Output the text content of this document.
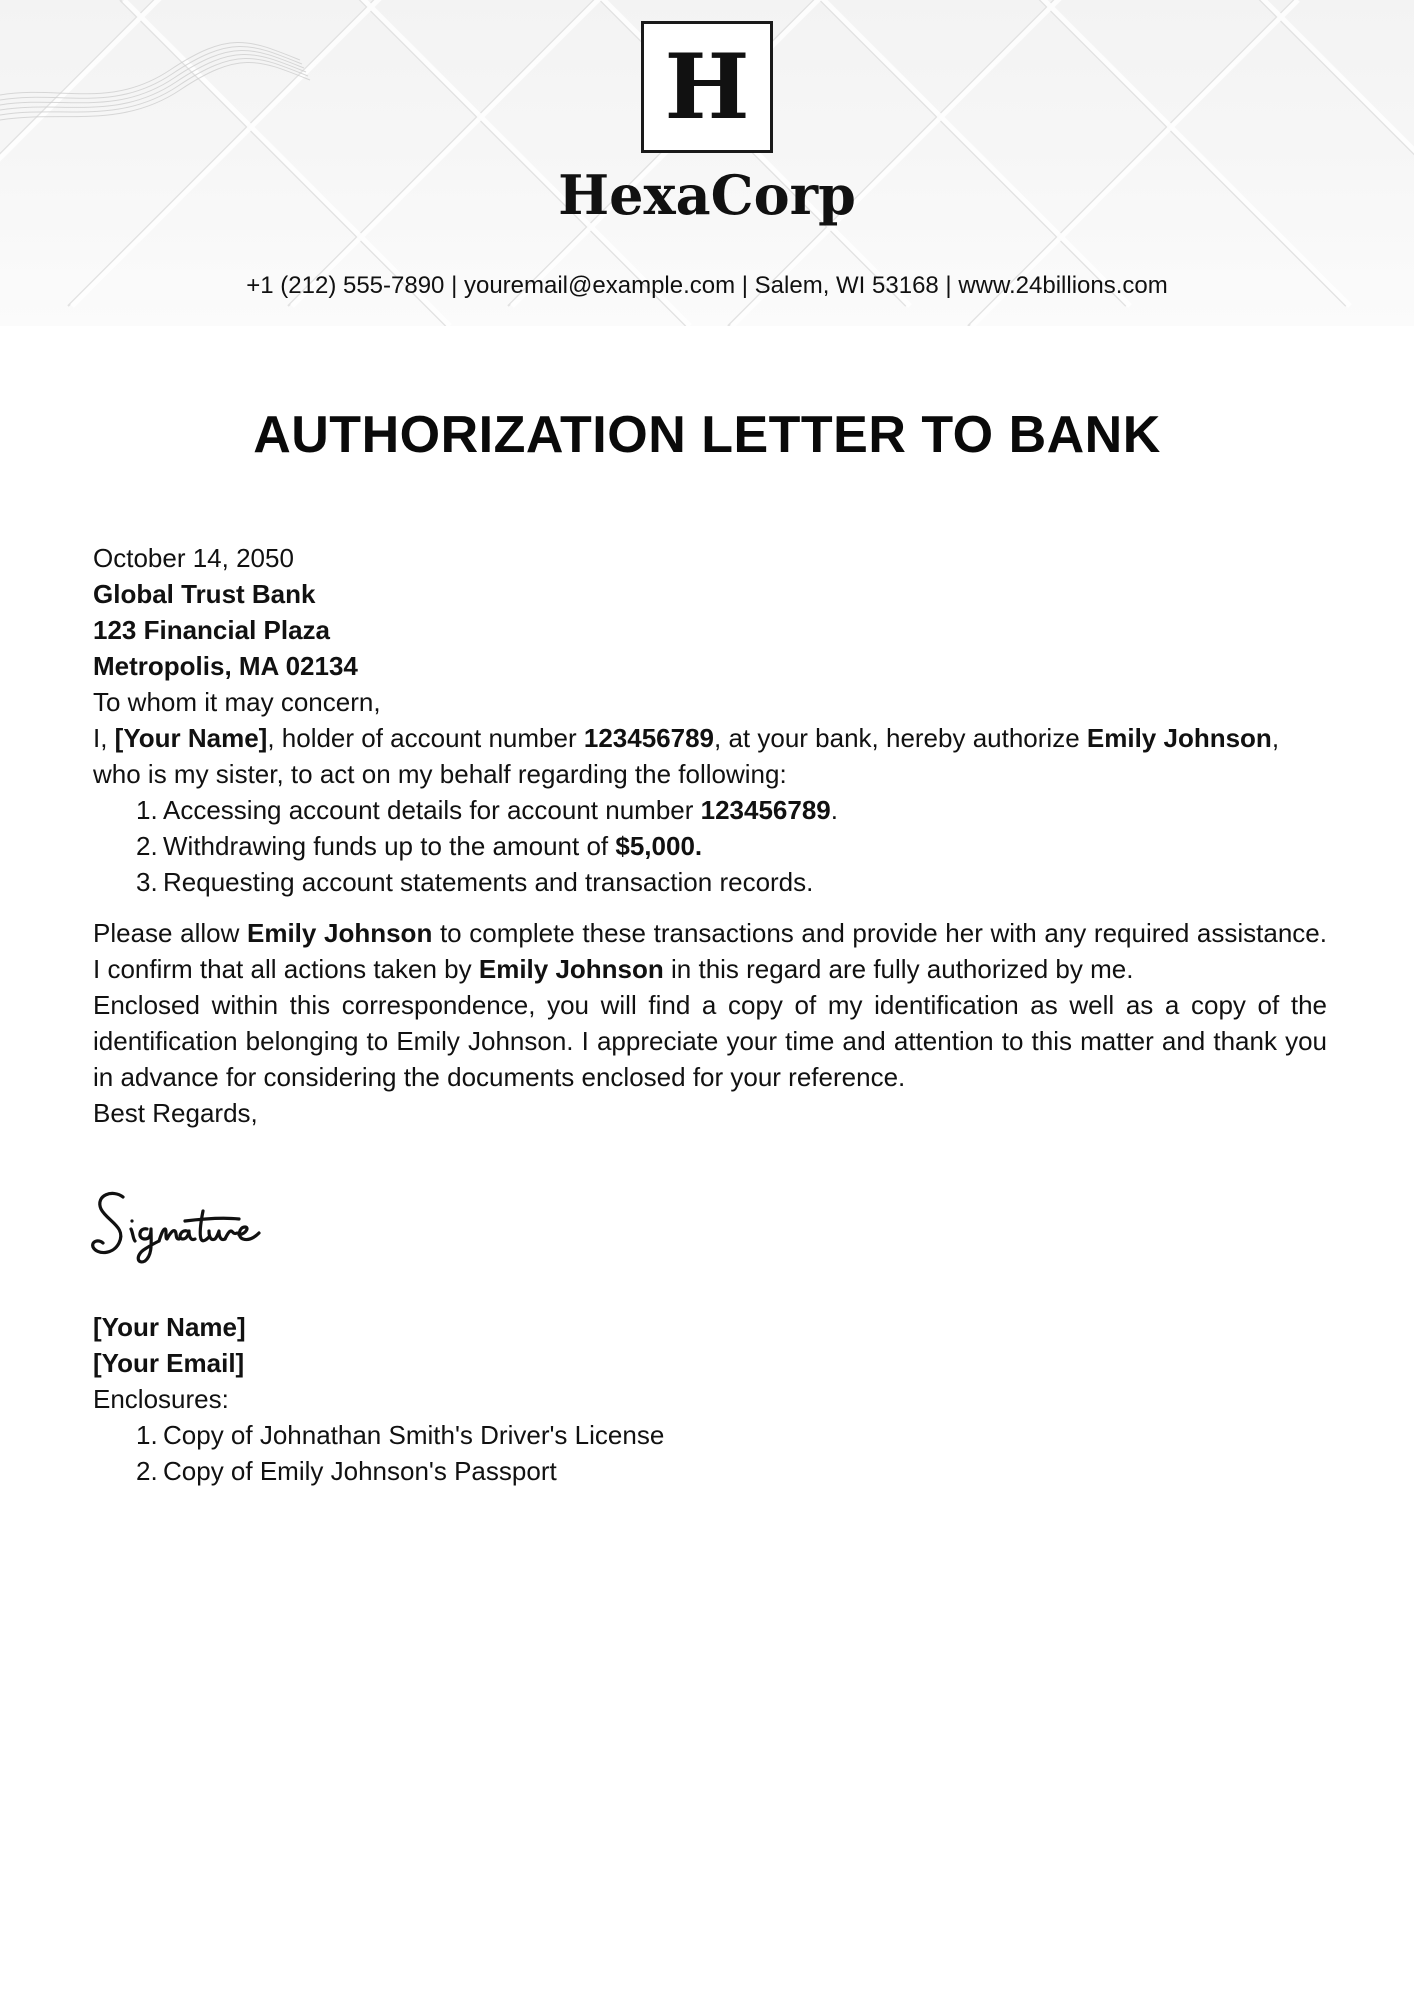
H
HexaCorp
+1 (212) 555-7890 | youremail@example.com | Salem, WI 53168 | www.24billions.com
AUTHORIZATION LETTER TO BANK

October 14, 2050

Global Trust Bank

123 Financial Plaza

Metropolis, MA 02134

To whom it may concern,

I, [Your Name], holder of account number 123456789, at your bank, hereby authorize Emily Johnson, who is my sister, to act on my behalf regarding the following:

1. Accessing account details for account number 123456789.
2. Withdrawing funds up to the amount of $5,000.
3. Requesting account statements and transaction records.

Please allow Emily Johnson to complete these transactions and provide her with any required assistance. I confirm that all actions taken by Emily Johnson in this regard are fully authorized by me.

Enclosed within this correspondence, you will find a copy of my identification as well as a copy of the identification belonging to Emily Johnson. I appreciate your time and attention to this matter and thank you in advance for considering the documents enclosed for your reference.

Best Regards,

[Your Name]

[Your Email]

Enclosures:

1. Copy of Johnathan Smith's Driver's License
2. Copy of Emily Johnson's Passport
